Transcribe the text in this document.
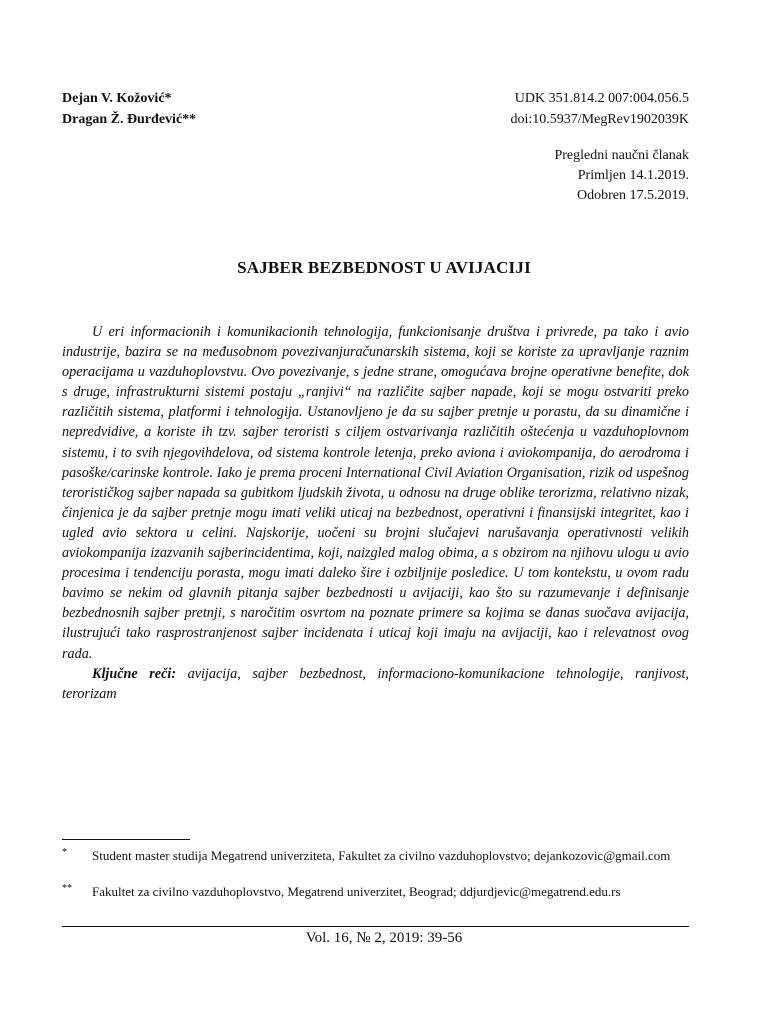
Dejan V. Kožović*
Dragan Ž. Đurđević**
UDK 351.814.2 007:004.056.5
doi:10.5937/MegRev1902039K
Pregledni naučni članak
Primljen 14.1.2019.
Odobren 17.5.2019.
SAJBER BEZBEDNOST U AVIJACIJI

U eri informacionih i komunikacionih tehnologija, funkcionisanje društva i privrede, pa tako i avio industrije, bazira se na međusobnom povezivanjuračunarskih sistema, koji se koriste za upravljanje raznim operacijama u vazduhoplovstvu. Ovo povezivanje, s jedne strane, omogućava brojne operativne benefite, dok s druge, infrastrukturni sistemi postaju „ranjivi“ na različite sajber napade, koji se mogu ostvariti preko različitih sistema, platformi i tehnologija. Ustanovljeno je da su sajber pretnje u porastu, da su dinamične i nepredvidive, a koriste ih tzv. sajber teroristi s ciljem ostvarivanja različitih oštećenja u vazduhoplovnom sistemu, i to svih njegovihdelova, od sistema kontrole letenja, preko aviona i aviokompanija, do aerodroma i pasoške/carinske kontrole. Iako je prema proceni International Civil Aviation Organisation, rizik od uspešnog terorističkog sajber napada sa gubitkom ljudskih života, u odnosu na druge oblike terorizma, relativno nizak, činjenica je da sajber pretnje mogu imati veliki uticaj na bezbednost, operativni i finansijski integritet, kao i ugled avio sektora u celini. Najskorije, uočeni su brojni slučajevi narušavanja operativnosti velikih aviokompanija izazvanih sajberincidentima, koji, naizgled malog obima, a s obzirom na njihovu ulogu u avio procesima i tendenciju porasta, mogu imati daleko šire i ozbiljnije posledice. U tom kontekstu, u ovom radu bavimo se nekim od glavnih pitanja sajber bezbednosti u avijaciji, kao što su razumevanje i definisanje bezbednosnih sajber pretnji, s naročitim osvrtom na poznate primere sa kojima se danas suočava avijacija, ilustrujući tako rasprostranjenost sajber incidenata i uticaj koji imaju na avijaciji, kao i relevatnost ovog rada.

Ključne reči: avijacija, sajber bezbednost, informaciono-komunikacione tehnologije, ranjivost, terorizam

* Student master studija Megatrend univerziteta, Fakultet za civilno vazduhoplovstvo; dejankozovic@gmail.com
** Fakultet za civilno vazduhoplovstvo, Megatrend univerzitet, Beograd; ddjurdjevic@megatrend.edu.rs
Vol. 16, № 2, 2019: 39-56
